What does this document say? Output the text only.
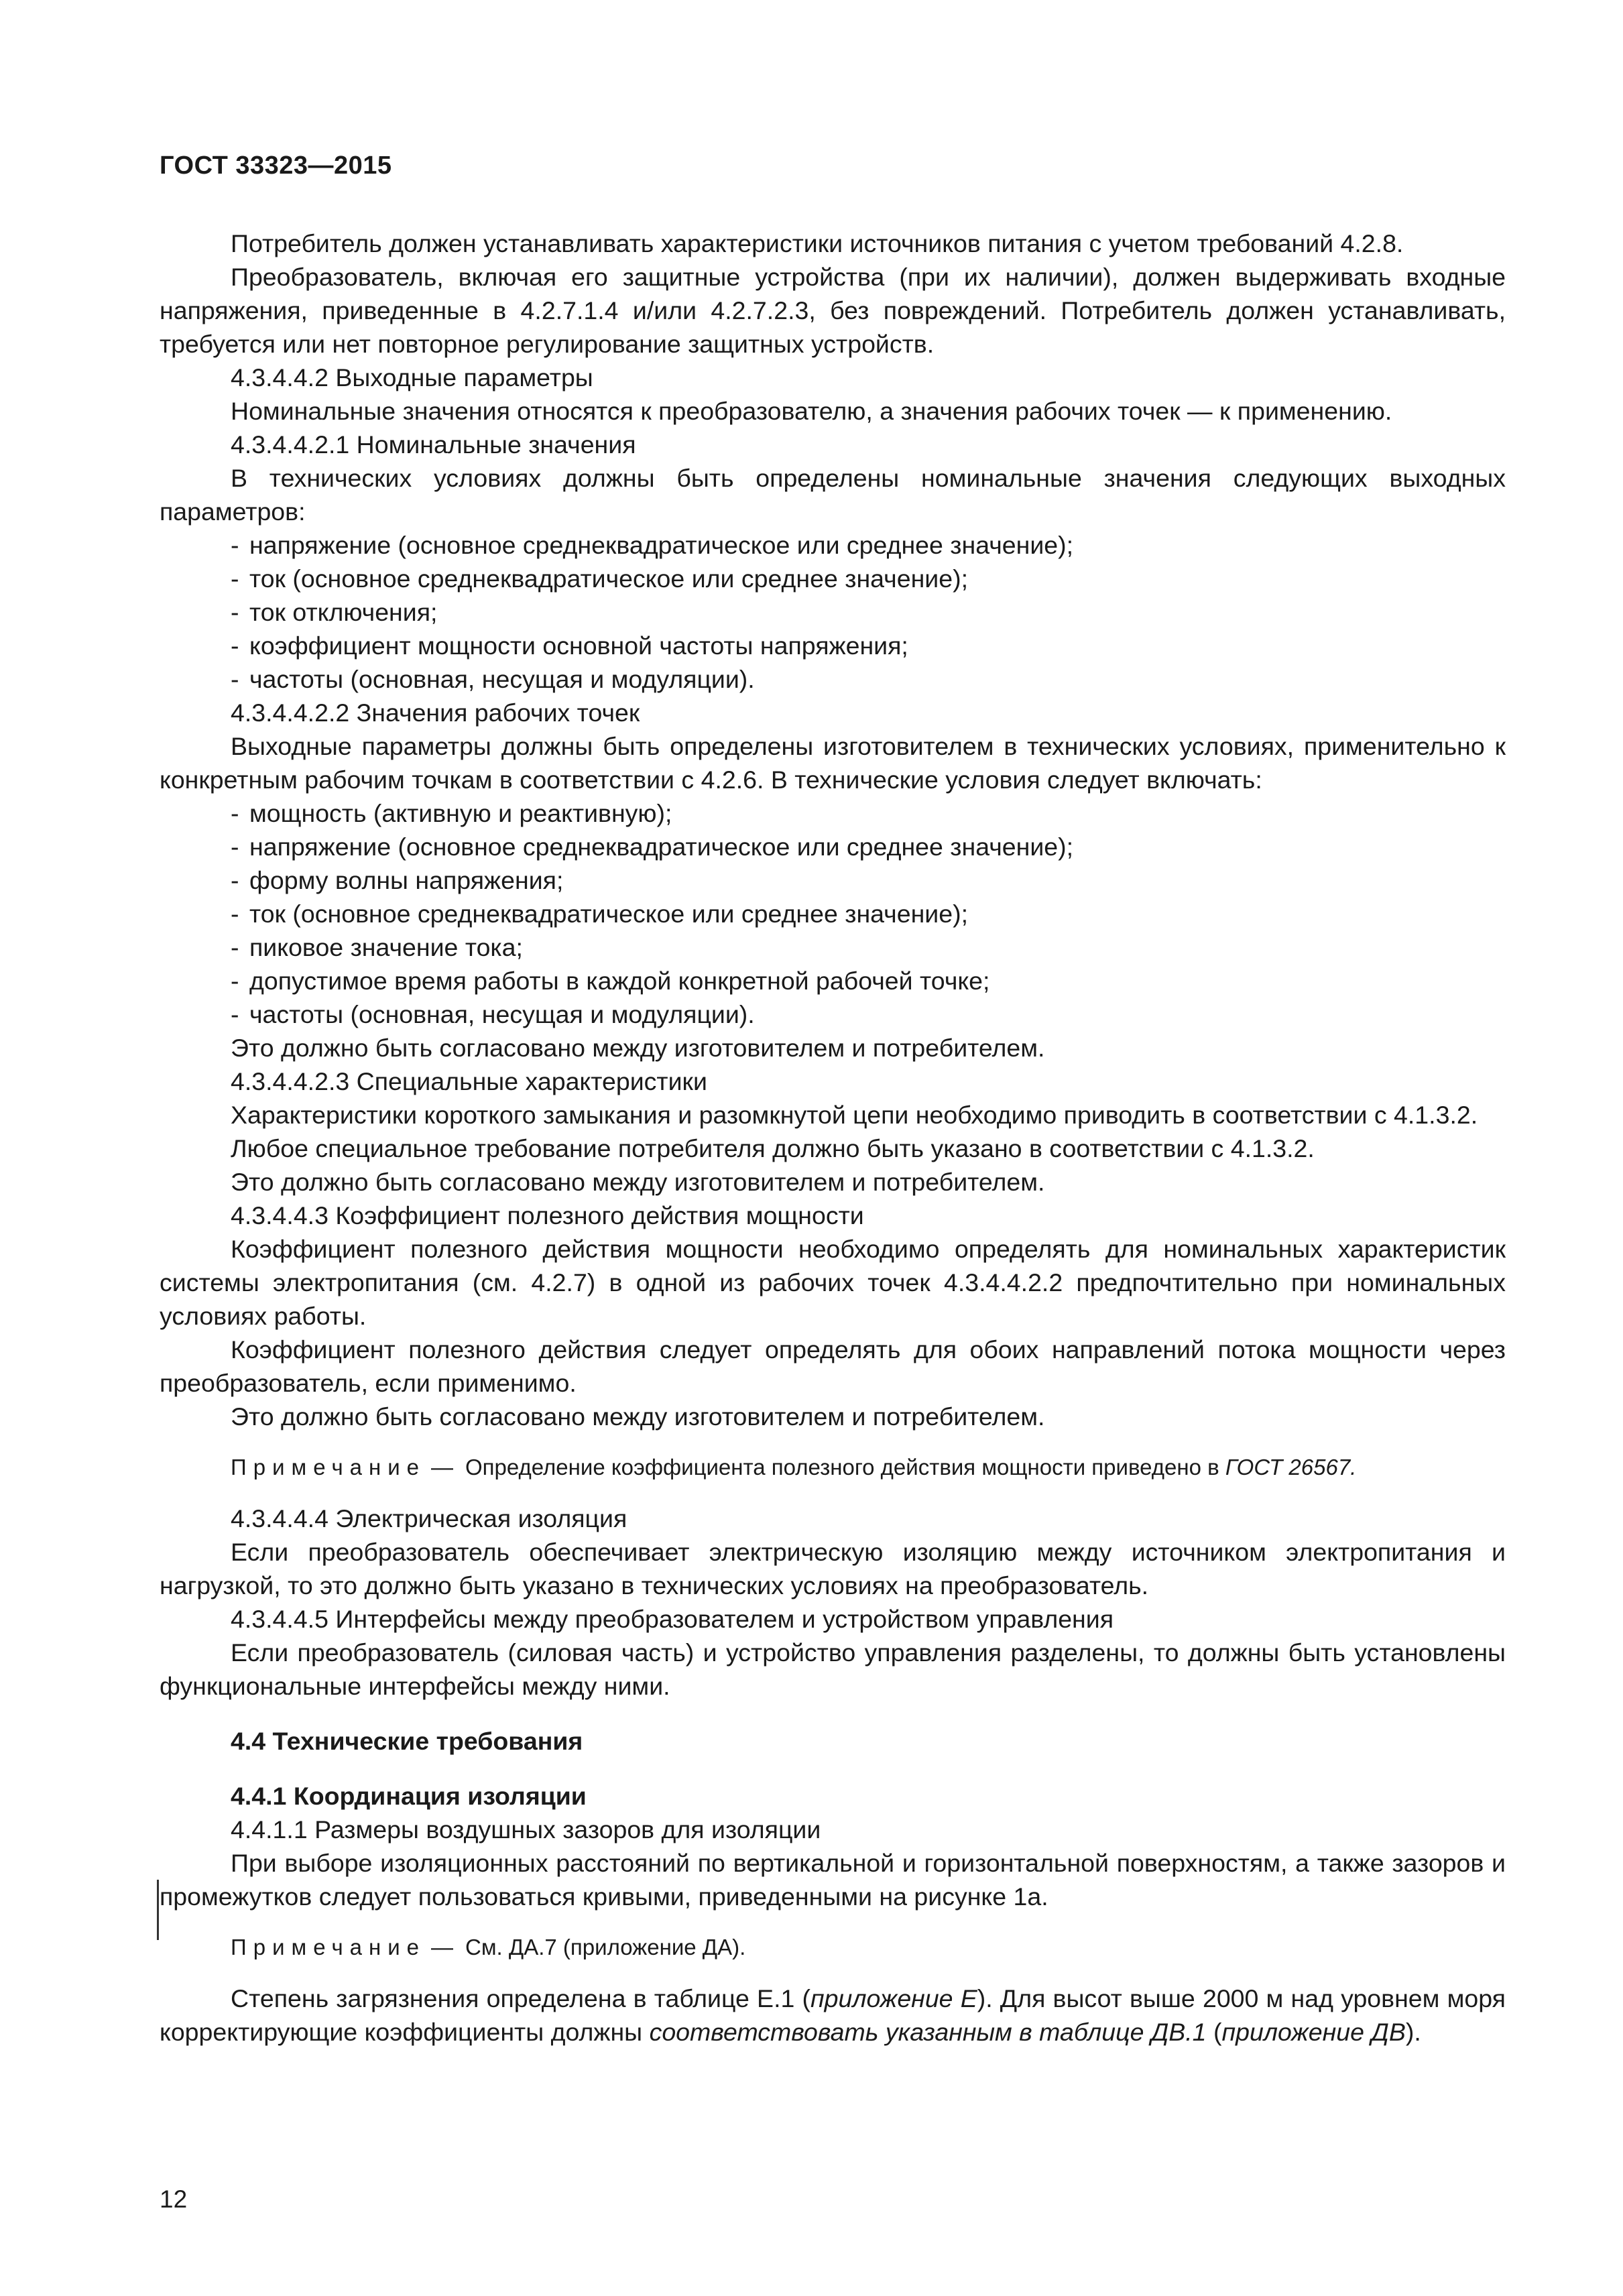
ГОСТ 33323—2015

Потребитель должен устанавливать характеристики источников питания с учетом требований 4.2.8.

Преобразователь, включая его защитные устройства (при их наличии), должен выдерживать входные напряжения, приведенные в 4.2.7.1.4 и/или 4.2.7.2.3, без повреждений. Потребитель должен устанавливать, требуется или нет повторное регулирование защитных устройств.

4.3.4.4.2 Выходные параметры

Номинальные значения относятся к преобразователю, а значения рабочих точек — к применению.

4.3.4.4.2.1 Номинальные значения

В технических условиях должны быть определены номинальные значения следующих выходных параметров:

- напряжение (основное среднеквадратическое или среднее значение);

- ток (основное среднеквадратическое или среднее значение);

- ток отключения;

- коэффициент мощности основной частоты напряжения;

- частоты (основная, несущая и модуляции).

4.3.4.4.2.2 Значения рабочих точек

Выходные параметры должны быть определены изготовителем в технических условиях, применительно к конкретным рабочим точкам в соответствии с 4.2.6. В технические условия следует включать:

- мощность (активную и реактивную);

- напряжение (основное среднеквадратическое или среднее значение);

- форму волны напряжения;

- ток (основное среднеквадратическое или среднее значение);

- пиковое значение тока;

- допустимое время работы в каждой конкретной рабочей точке;

- частоты (основная, несущая и модуляции).

Это должно быть согласовано между изготовителем и потребителем.

4.3.4.4.2.3 Специальные характеристики

Характеристики короткого замыкания и разомкнутой цепи необходимо приводить в соответствии с 4.1.3.2.

Любое специальное требование потребителя должно быть указано в соответствии с 4.1.3.2.

Это должно быть согласовано между изготовителем и потребителем.

4.3.4.4.3 Коэффициент полезного действия мощности

Коэффициент полезного действия мощности необходимо определять для номинальных характеристик системы электропитания (см. 4.2.7) в одной из рабочих точек 4.3.4.4.2.2 предпочтительно при номинальных условиях работы.

Коэффициент полезного действия следует определять для обоих направлений потока мощности через преобразователь, если применимо.

Это должно быть согласовано между изготовителем и потребителем.

Примечание — Определение коэффициента полезного действия мощности приведено в ГОСТ 26567.

4.3.4.4.4 Электрическая изоляция

Если преобразователь обеспечивает электрическую изоляцию между источником электропитания и нагрузкой, то это должно быть указано в технических условиях на преобразователь.

4.3.4.4.5 Интерфейсы между преобразователем и устройством управления

Если преобразователь (силовая часть) и устройство управления разделены, то должны быть установлены функциональные интерфейсы между ними.

4.4 Технические требования

4.4.1 Координация изоляции

4.4.1.1 Размеры воздушных зазоров для изоляции

При выборе изоляционных расстояний по вертикальной и горизонтальной поверхностям, а также зазоров и промежутков следует пользоваться кривыми, приведенными на рисунке 1а.

Примечание — См. ДА.7 (приложение ДА).

Степень загрязнения определена в таблице Е.1 (приложение Е). Для высот выше 2000 м над уровнем моря корректирующие коэффициенты должны соответствовать указанным в таблице ДВ.1 (приложение ДВ).

12
